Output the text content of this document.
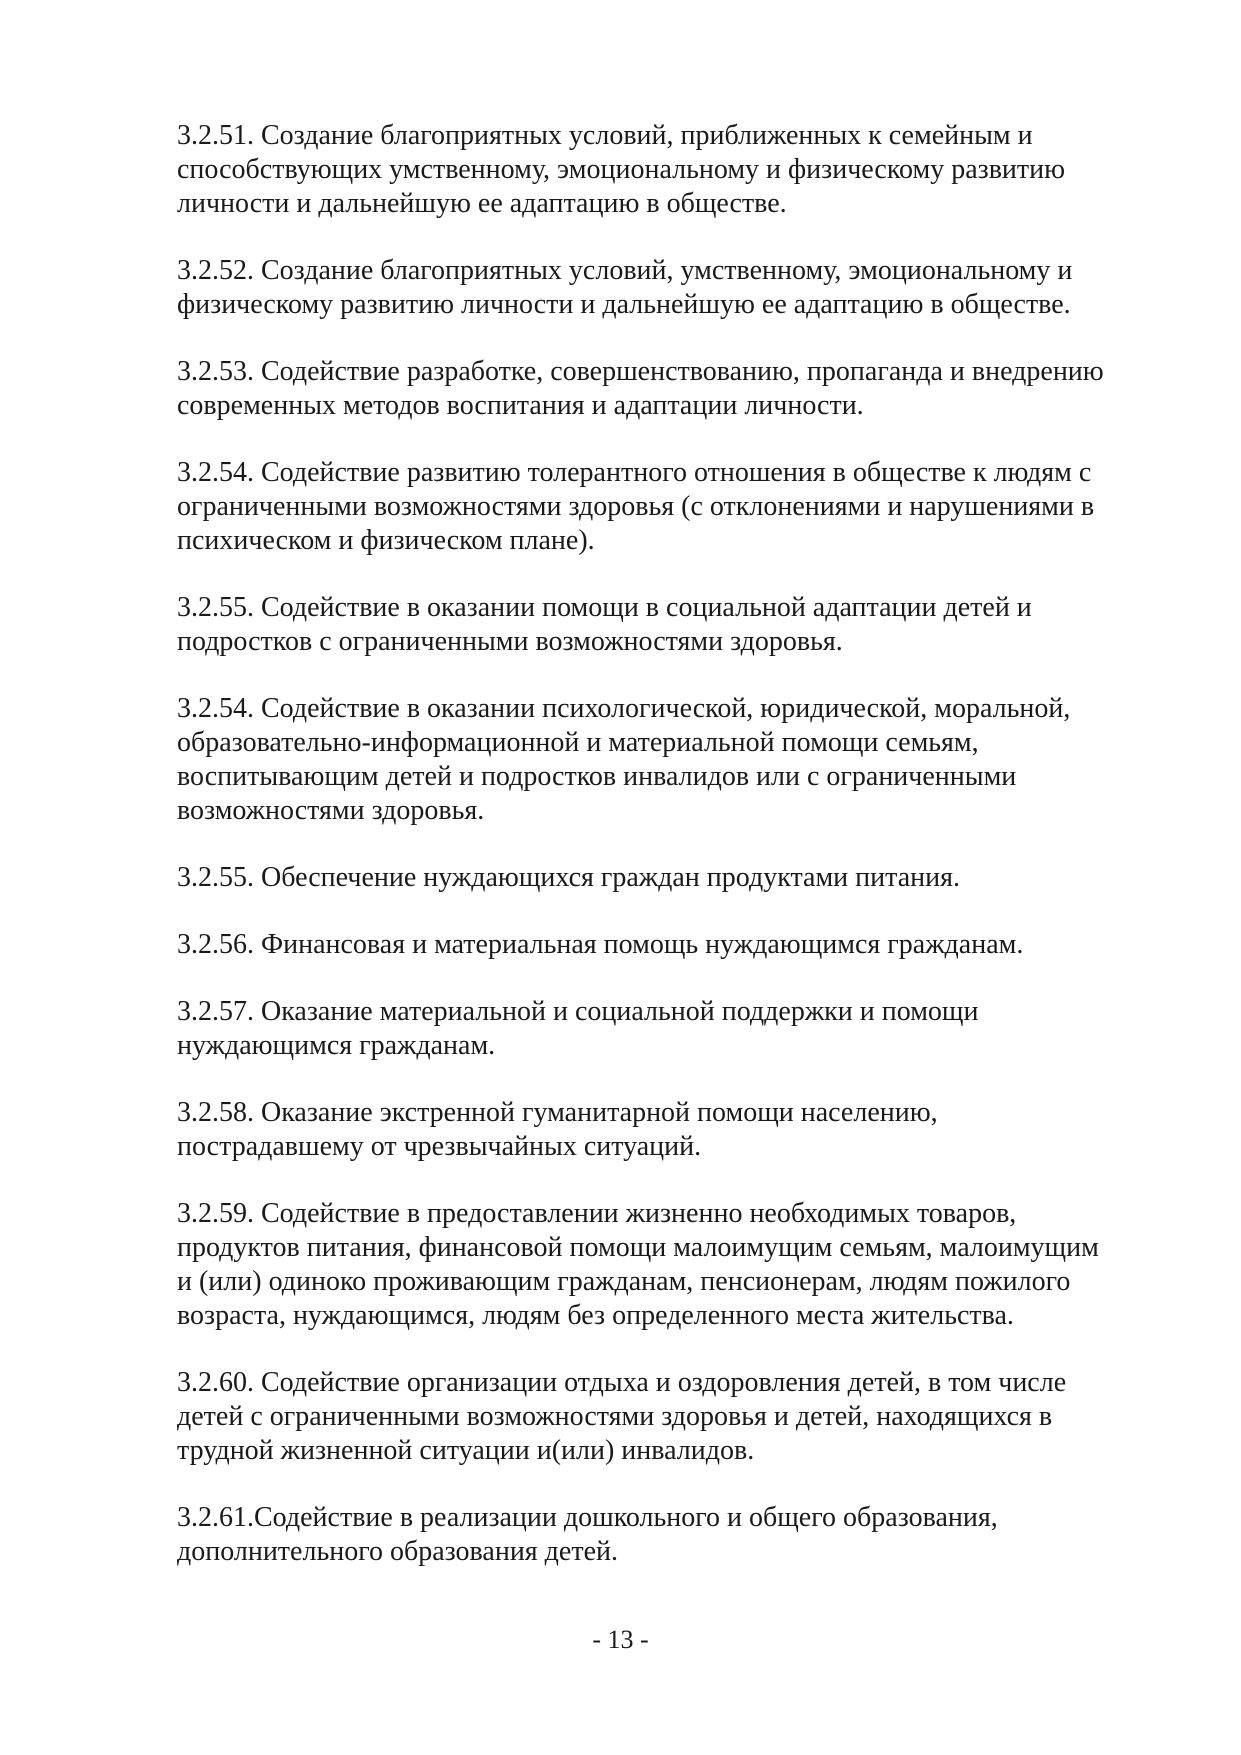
3.2.51. Создание благоприятных условий, приближенных к семейным и
способствующих умственному, эмоциональному и физическому развитию
личности и дальнейшую ее адаптацию в обществе.

3.2.52. Создание благоприятных условий, умственному, эмоциональному и
физическому развитию личности и дальнейшую ее адаптацию в обществе.

3.2.53. Содействие разработке, совершенствованию, пропаганда и внедрению
современных методов воспитания и адаптации личности.

3.2.54. Содействие развитию толерантного отношения в обществе к людям с
ограниченными возможностями здоровья (с отклонениями и нарушениями в
психическом и физическом плане).

3.2.55. Содействие в оказании помощи в социальной адаптации детей и
подростков с ограниченными возможностями здоровья.

3.2.54. Содействие в оказании психологической, юридической, моральной,
образовательно-информационной и материальной помощи семьям,
воспитывающим детей и подростков инвалидов или с ограниченными
возможностями здоровья.

3.2.55. Обеспечение нуждающихся граждан продуктами питания.

3.2.56. Финансовая и материальная помощь нуждающимся гражданам.

3.2.57. Оказание материальной и социальной поддержки и помощи
нуждающимся гражданам.

3.2.58. Оказание экстренной гуманитарной помощи населению,
пострадавшему от чрезвычайных ситуаций.

3.2.59. Содействие в предоставлении жизненно необходимых товаров,
продуктов питания, финансовой помощи малоимущим семьям, малоимущим
и (или) одиноко проживающим гражданам, пенсионерам, людям пожилого
возраста, нуждающимся, людям без определенного места жительства.

3.2.60. Содействие организации отдыха и оздоровления детей, в том числе
детей с ограниченными возможностями здоровья и детей, находящихся в
трудной жизненной ситуации и(или) инвалидов.

3.2.61.Содействие в реализации дошкольного и общего образования,
дополнительного образования детей.

- 13 -
